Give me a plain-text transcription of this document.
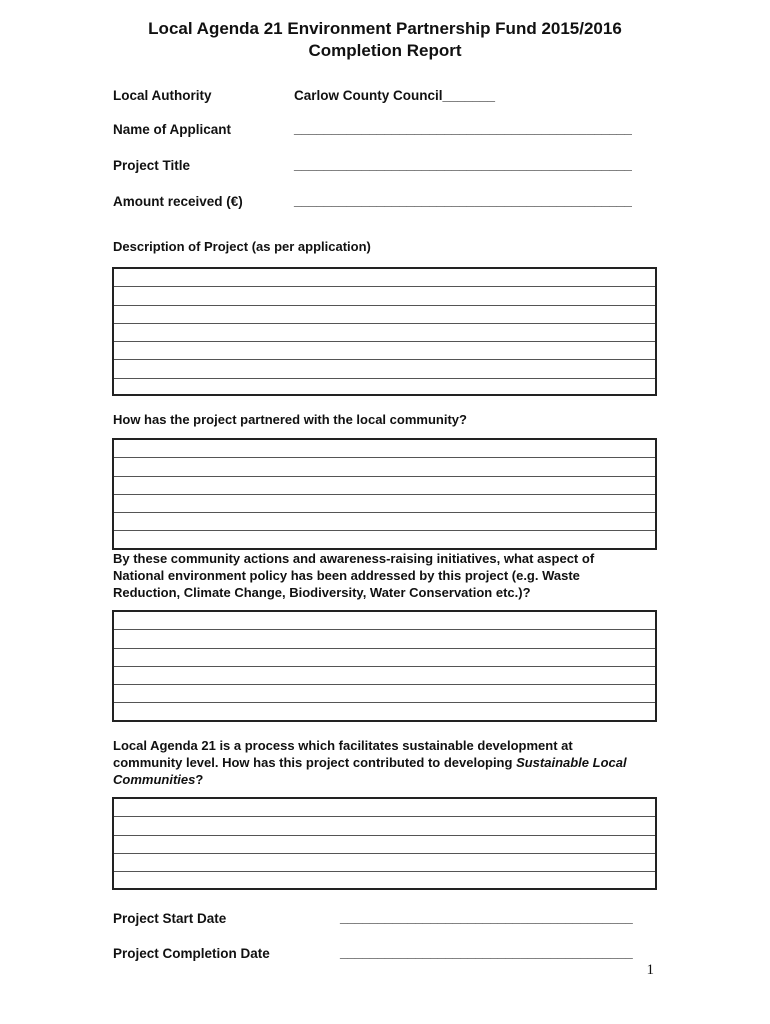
Local Agenda 21 Environment Partnership Fund 2015/2016
Completion Report
Local Authority	Carlow County Council_______
Name of Applicant	_____________________________________________
Project Title	_____________________________________________
Amount received (€)	_____________________________________________
Description of Project (as per application)
How has the project partnered with the local community?
By these community actions and awareness-raising initiatives, what aspect of National environment policy has been addressed by this project (e.g. Waste Reduction, Climate Change, Biodiversity, Water Conservation etc.)?
Local Agenda 21 is a process which facilitates sustainable development at community level. How has this project contributed to developing Sustainable Local Communities?
Project Start Date	_______________________________________
Project Completion Date	_______________________________________
1
